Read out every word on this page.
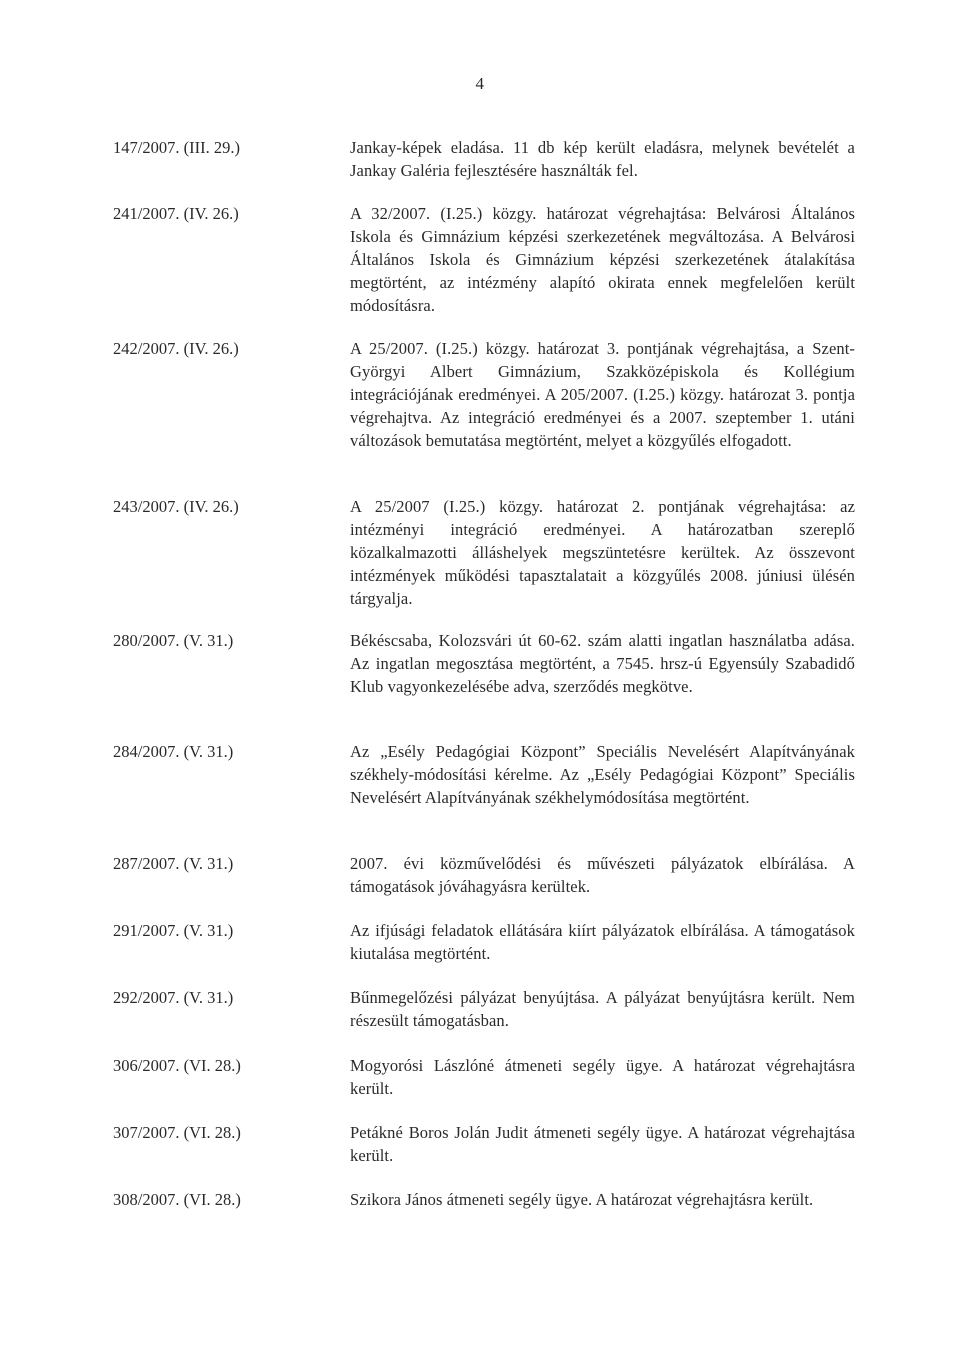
4
147/2007. (III. 29.)	Jankay-képek eladása. 11 db kép került eladásra, melynek bevételét a Jankay Galéria fejlesztésére használták fel.
241/2007. (IV. 26.)	A 32/2007. (I.25.) közgy. határozat végrehajtása: Belvárosi Általános Iskola és Gimnázium képzési szerkezetének megváltozása. A Belvárosi Általános Iskola és Gimnázium képzési szerkezetének átalakítása megtörtént, az intézmény alapító okirata ennek megfelelően került módosításra.
242/2007. (IV. 26.)	A 25/2007. (I.25.) közgy. határozat 3. pontjának végrehajtása, a Szent-Györgyi Albert Gimnázium, Szakközépiskola és Kollégium integrációjának eredményei. A 205/2007. (I.25.) közgy. határozat 3. pontja végrehajtva. Az integráció eredményei és a 2007. szeptember 1. utáni változások bemutatása megtörtént, melyet a közgyűlés elfogadott.
243/2007. (IV. 26.)	A 25/2007 (I.25.) közgy. határozat 2. pontjának végrehajtása: az intézményi integráció eredményei. A határozatban szereplő közalkalmazotti álláshelyek megszüntetésre kerültek. Az összevont intézmények működési tapasztalatait a közgyűlés 2008. júniusi ülésén tárgyalja.
280/2007. (V. 31.)	Békéscsaba, Kolozsvári út 60-62. szám alatti ingatlan használatba adása. Az ingatlan megosztása megtörtént, a 7545. hrsz-ú Egyensúly Szabadidő Klub vagyonkezelésébe adva, szerződés megkötve.
284/2007. (V. 31.)	Az „Esély Pedagógiai Központ” Speciális Nevelésért Alapítványának székhely-módosítási kérelme. Az „Esély Pedagógiai Központ” Speciális Nevelésért Alapítványának székhelymódosítása megtörtént.
287/2007. (V. 31.)	2007. évi közművelődési és művészeti pályázatok elbírálása. A támogatások jóváhagyásra kerültek.
291/2007. (V. 31.)	Az ifjúsági feladatok ellátására kiírt pályázatok elbírálása. A támogatások kiutalása megtörtént.
292/2007. (V. 31.)	Bűnmegelőzési pályázat benyújtása. A pályázat benyújtásra került. Nem részesült támogatásban.
306/2007. (VI. 28.)	Mogyorósi Lászlóné átmeneti segély ügye. A határozat végrehajtásra került.
307/2007. (VI. 28.)	Petákné Boros Jolán Judit átmeneti segély ügye. A határozat végrehajtása került.
308/2007. (VI. 28.)	Szikora János átmeneti segély ügye. A határozat végrehajtásra került.
